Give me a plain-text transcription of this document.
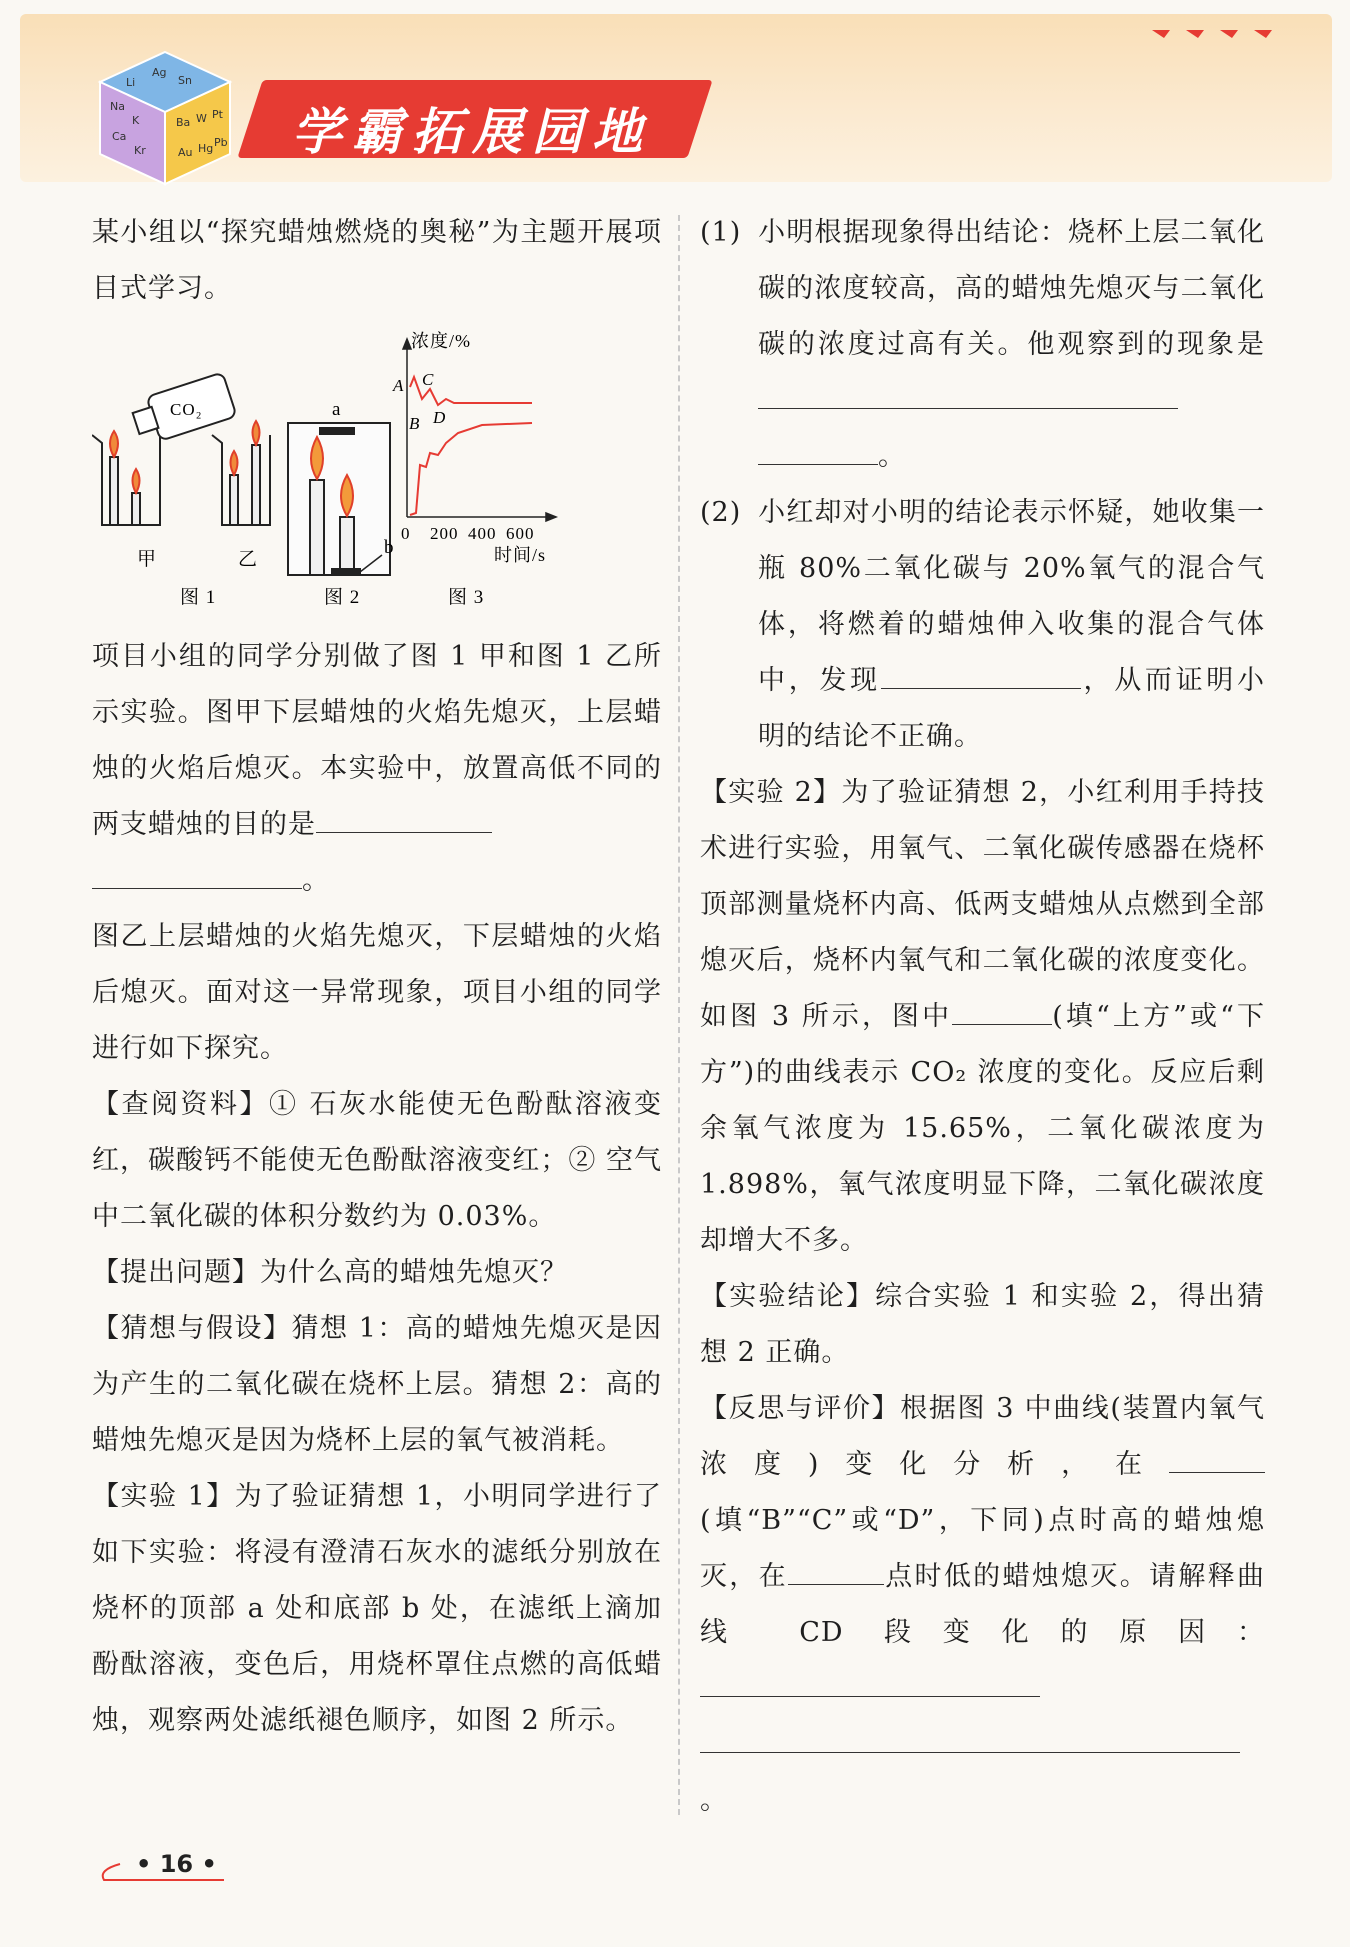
学霸拓展园地
Ag
Sn
Li
Ba W Pt
Na
K
Ca
Kr	Au Hg Pb

某小组以“探究蜡烛燃烧的奥秘”为主题开展项目式学习。

CO₂
甲	乙
图 1
a
b
图 2
浓度/%
A
B
C
D
0 200 400 600
时间/s
图 3

项目小组的同学分别做了图 1 甲和图 1 乙所示实验。图甲下层蜡烛的火焰先熄灭，上层蜡烛的火焰后熄灭。本实验中，放置高低不同的两支蜡烛的目的是
。

图乙上层蜡烛的火焰先熄灭，下层蜡烛的火焰后熄灭。面对这一异常现象，项目小组的同学进行如下探究。

【查阅资料】① 石灰水能使无色酚酞溶液变红，碳酸钙不能使无色酚酞溶液变红；② 空气中二氧化碳的体积分数约为 0.03%。

【提出问题】为什么高的蜡烛先熄灭？

【猜想与假设】猜想 1：高的蜡烛先熄灭是因为产生的二氧化碳在烧杯上层。猜想 2：高的蜡烛先熄灭是因为烧杯上层的氧气被消耗。

【实验 1】为了验证猜想 1，小明同学进行了如下实验：将浸有澄清石灰水的滤纸分别放在烧杯的顶部 a 处和底部 b 处，在滤纸上滴加酚酞溶液，变色后，用烧杯罩住点燃的高低蜡烛，观察两处滤纸褪色顺序，如图 2 所示。

(1) 小明根据现象得出结论：烧杯上层二氧化碳的浓度较高，高的蜡烛先熄灭与二氧化碳的浓度过高有关。他观察到的现象是
。

(2) 小红却对小明的结论表示怀疑，她收集一瓶 80%二氧化碳与 20%氧气的混合气体，将燃着的蜡烛伸入收集的混合气体中，发现	，从而证明小明的结论不正确。

【实验 2】为了验证猜想 2，小红利用手持技术进行实验，用氧气、二氧化碳传感器在烧杯顶部测量烧杯内高、低两支蜡烛从点燃到全部熄灭后，烧杯内氧气和二氧化碳的浓度变化。如图 3 所示，图中	(填“上方”或“下方”)的曲线表示 CO₂ 浓度的变化。反应后剩余氧气浓度为 15.65%，二氧化碳浓度为 1.898%，氧气浓度明显下降，二氧化碳浓度却增大不多。

【实验结论】综合实验 1 和实验 2，得出猜想 2 正确。

【反思与评价】根据图 3 中曲线(装置内氧气浓度)变化分析，在(填“B”“C”或“D”，下同)点时高的蜡烛熄灭，在	点时低的蜡烛熄灭。请解释曲线 CD 段变化的原因：
。

• 16 •
